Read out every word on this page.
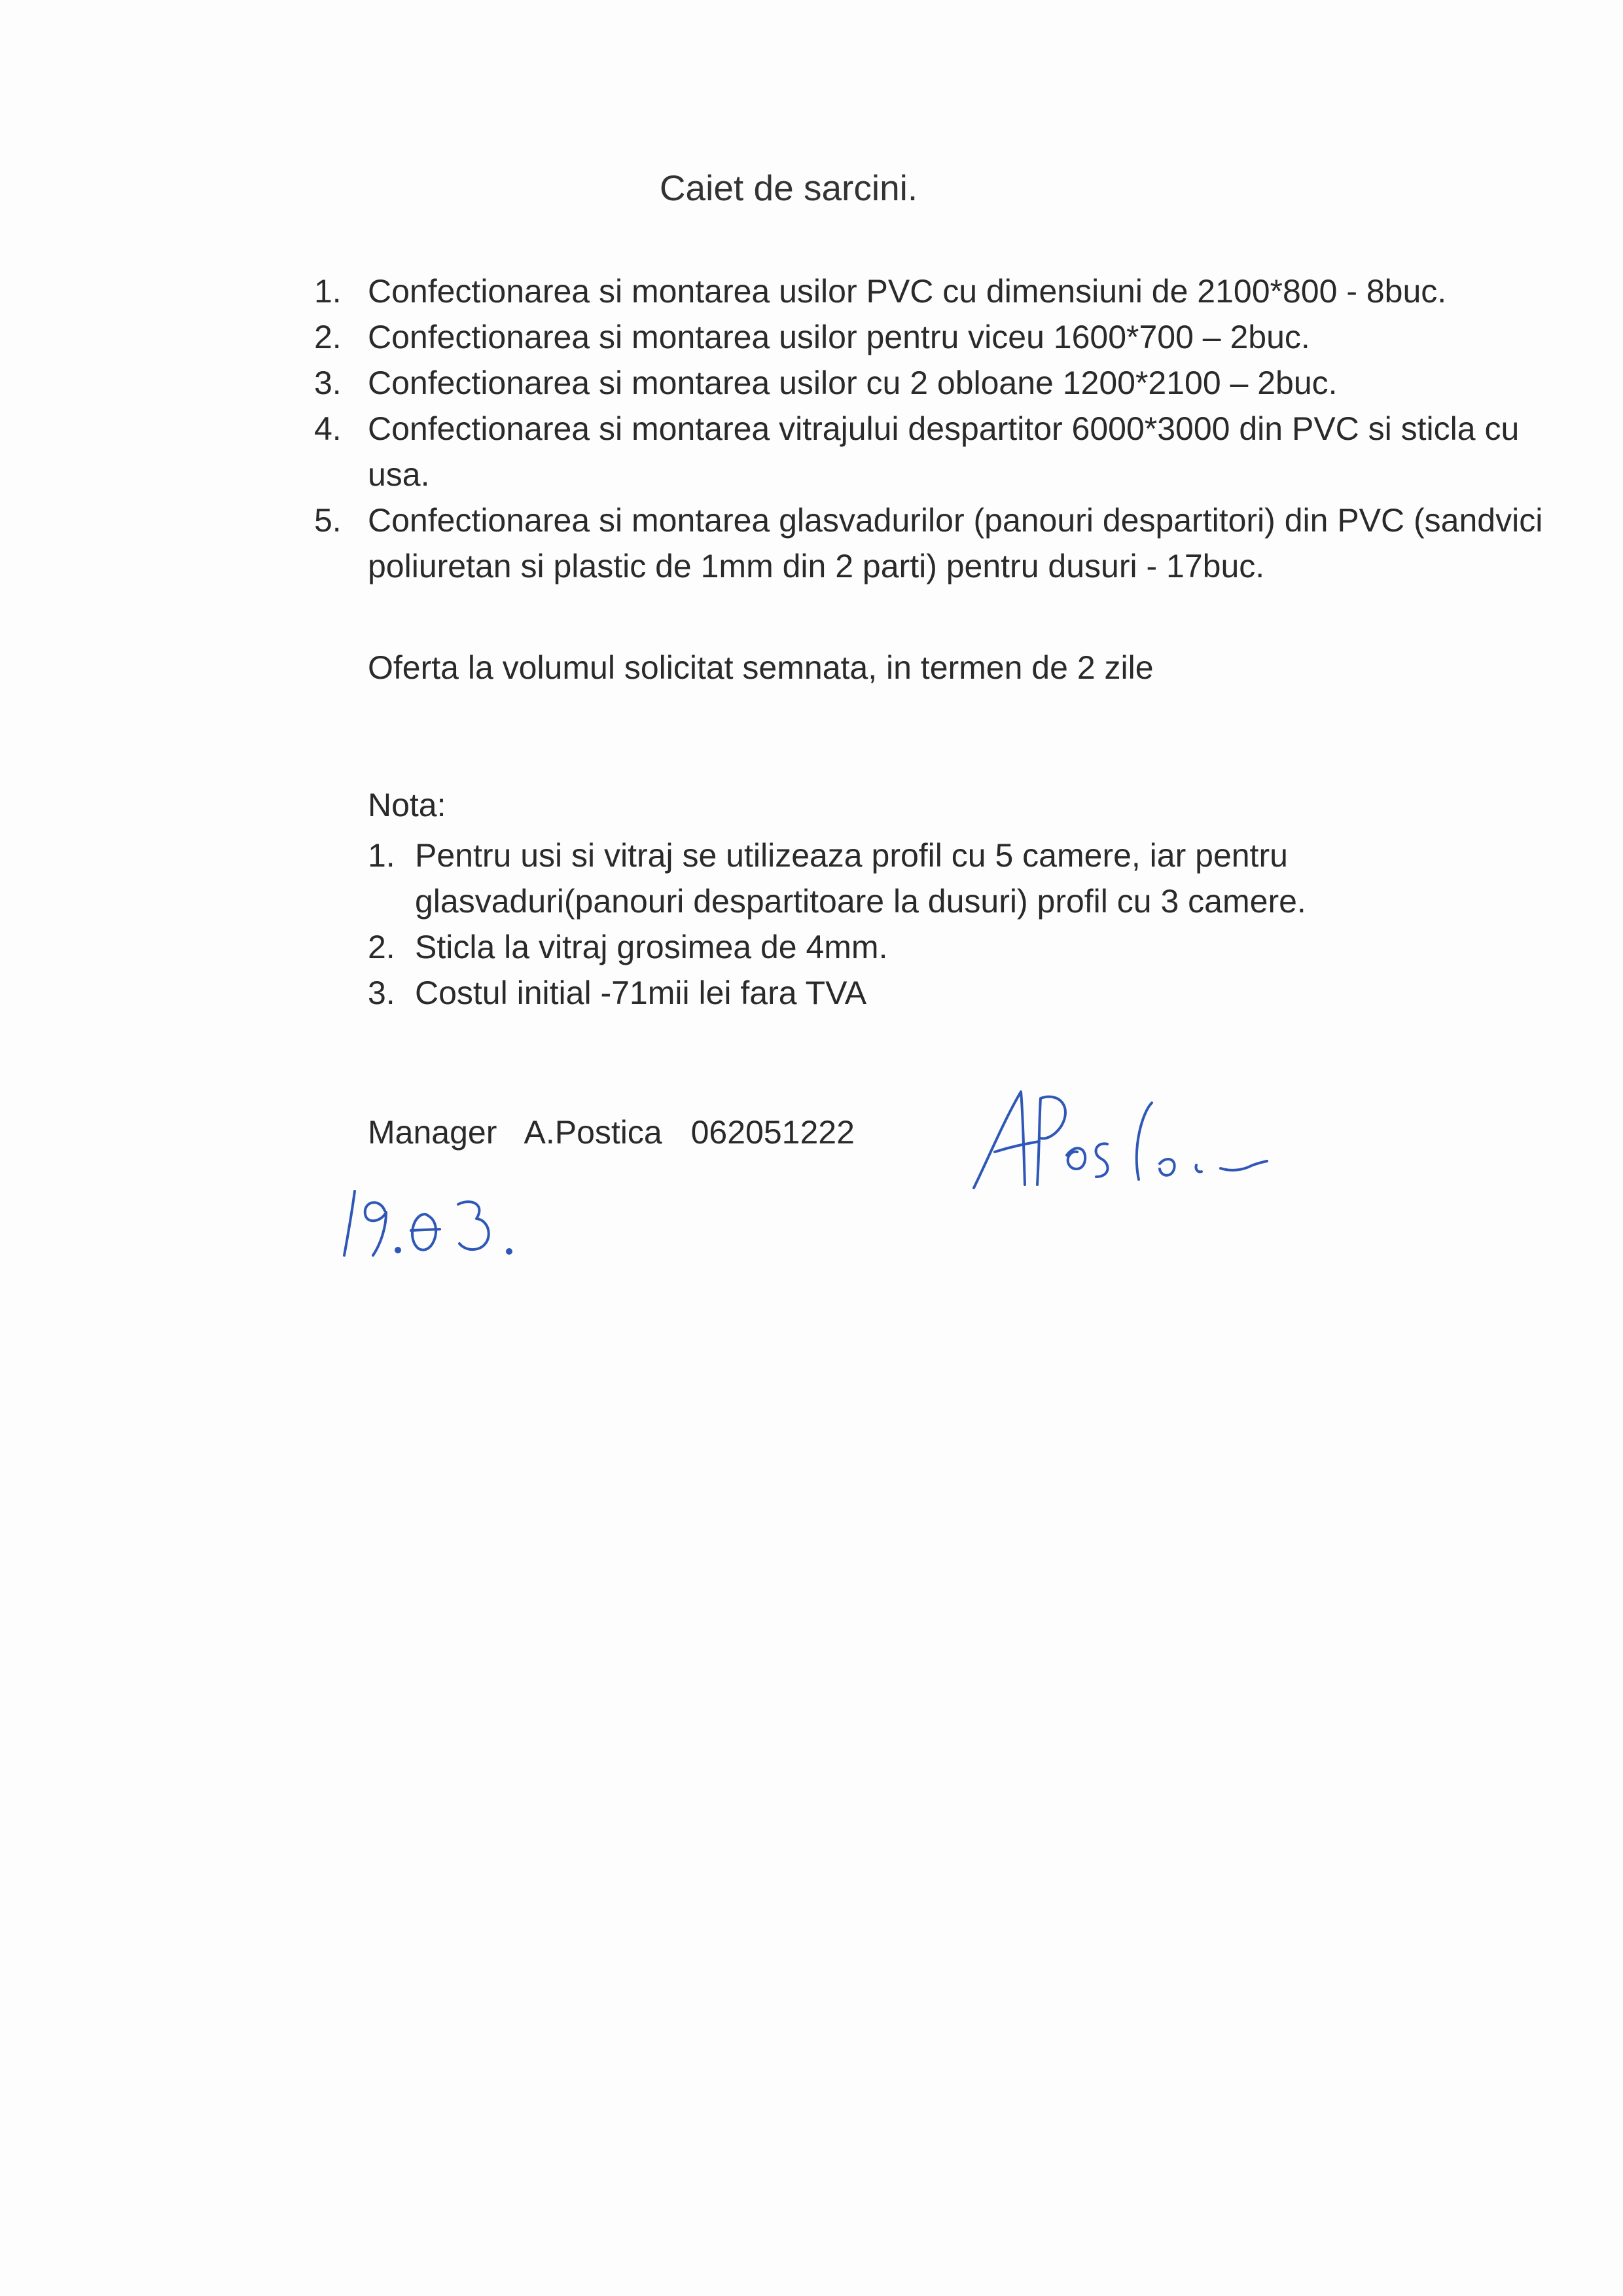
Caiet de sarcini.
1. Confectionarea si montarea usilor PVC cu dimensiuni de 2100*800 - 8buc.
2. Confectionarea si montarea usilor pentru viceu 1600*700 – 2buc.
3. Confectionarea si montarea usilor cu 2 obloane 1200*2100 – 2buc.
4. Confectionarea si montarea vitrajului despartitor 6000*3000 din PVC si sticla cu usa.
5. Confectionarea si montarea glasvadurilor (panouri despartitori) din PVC (sandvici poliuretan si plastic de 1mm din 2 parti) pentru dusuri - 17buc.
Oferta la volumul solicitat semnata, in termen de 2 zile
Nota:
1. Pentru usi si vitraj se utilizeaza profil cu 5 camere, iar pentru glasvaduri(panouri despartitoare la dusuri) profil cu 3 camere.
2. Sticla la vitraj grosimea de 4mm.
3. Costul initial -71mii lei fara TVA
Manager A.Postica 062051222
